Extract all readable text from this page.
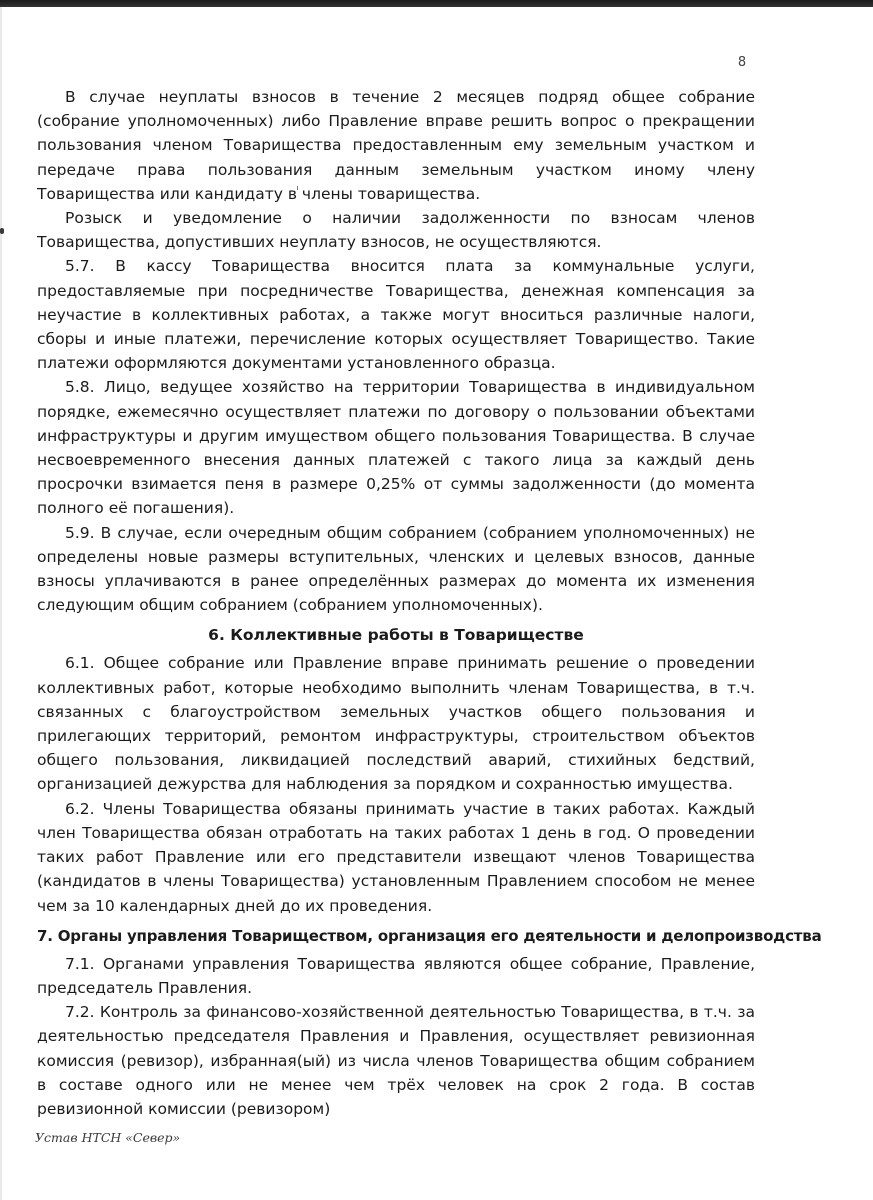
8

В случае неуплаты взносов в течение 2 месяцев подряд общее собрание (собрание уполномоченных) либо Правление вправе решить вопрос о прекращении пользования членом Товарищества предоставленным ему земельным участком и передаче права пользования данным земельным участком иному члену Товарищества или кандидату в члены товарищества.

Розыск и уведомление о наличии задолженности по взносам членов Товарищества, допустивших неуплату взносов, не осуществляются.

5.7. В кассу Товарищества вносится плата за коммунальные услуги, предоставляемые при посредничестве Товарищества, денежная компенсация за неучастие в коллективных работах, а также могут вноситься различные налоги, сборы и иные платежи, перечисление которых осуществляет Товарищество. Такие платежи оформляются документами установленного образца.

5.8. Лицо, ведущее хозяйство на территории Товарищества в индивидуальном порядке, ежемесячно осуществляет платежи по договору о пользовании объектами инфраструктуры и другим имуществом общего пользования Товарищества. В случае несвоевременного внесения данных платежей с такого лица за каждый день просрочки взимается пеня в размере 0,25% от суммы задолженности (до момента полного её погашения).

5.9. В случае, если очередным общим собранием (собранием уполномоченных) не определены новые размеры вступительных, членских и целевых взносов, данные взносы уплачиваются в ранее определённых размерах до момента их изменения следующим общим собранием (собранием уполномоченных).

6. Коллективные работы в Товариществе

6.1. Общее собрание или Правление вправе принимать решение о проведении коллективных работ, которые необходимо выполнить членам Товарищества, в т.ч. связанных с благоустройством земельных участков общего пользования и прилегающих территорий, ремонтом инфраструктуры, строительством объектов общего пользования, ликвидацией последствий аварий, стихийных бедствий, организацией дежурства для наблюдения за порядком и сохранностью имущества.

6.2. Члены Товарищества обязаны принимать участие в таких работах. Каждый член Товарищества обязан отработать на таких работах 1 день в год. О проведении таких работ Правление или его представители извещают членов Товарищества (кандидатов в члены Товарищества) установленным Правлением способом не менее чем за 10 календарных дней до их проведения.

7. Органы управления Товариществом, организация его деятельности и делопроизводства

7.1. Органами управления Товарищества являются общее собрание, Правление, председатель Правления.

7.2. Контроль за финансово-хозяйственной деятельностью Товарищества, в т.ч. за деятельностью председателя Правления и Правления, осуществляет ревизионная комиссия (ревизор), избранная(ый) из числа членов Товарищества общим собранием в составе одного или не менее чем трёх человек на срок 2 года. В состав ревизионной комиссии (ревизором)

Устав НТСН «Север»
